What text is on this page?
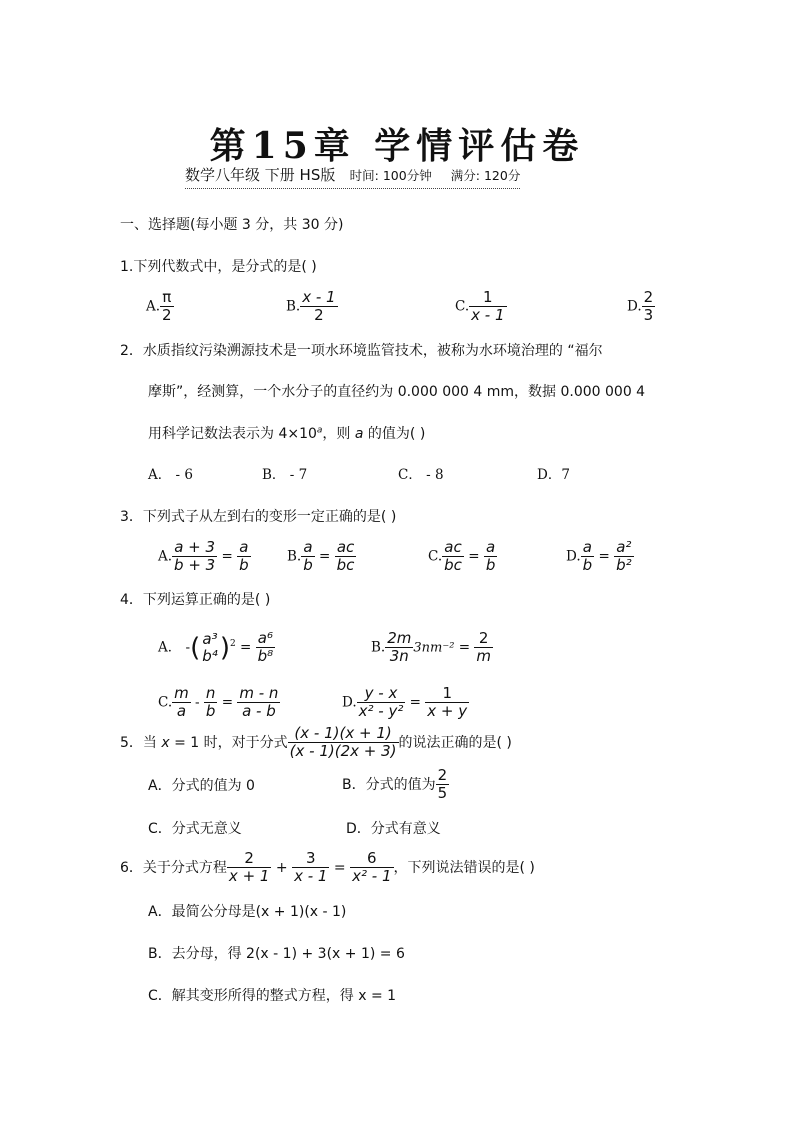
第15章 学情评估卷
数学八年级 下册 HS版 时间: 100分钟 满分: 120分
一、选择题(每小题 3 分，共 30 分)
1.下列代数式中，是分式的是( )
A. $\frac{\pi}{2}$	B. $\frac{x - 1}{2}$	C. $\frac{1}{x - 1}$	D. $\frac{2}{3}$
2．水质指纹污染溯源技术是一项水环境监管技术，被称为水环境治理的 “福尔
摩斯”，经测算，一个水分子的直径约为 0.000 000 4 mm，数据 0.000 000 4
用科学记数法表示为 $4\times 10^a$，则 a 的值为( )
A． - 6	B． - 7	C． - 8	D．7
3．下列式子从左到右的变形一定正确的是( )
A. $\frac{a + 3}{b + 3} = \frac{a}{b}$	B. $\frac{a}{b} = \frac{ac}{bc}$	C. $\frac{ac}{bc} = \frac{a}{b}$	D. $\frac{a}{b} = \frac{\text{a²}}{\text{b²}}$
4．下列运算正确的是( )
A． -( a³
b⁴ )$^2 = \frac{\text{a⁶}}{\text{b⁸}}$	B. $\frac{2m}{3n} 3nm^{-2} = \frac{2}{m}$
C. $\frac{m}{a} - \frac{n}{b} = \frac{m - n}{a - b}$	D. $\frac{y - x}{\text{x² - y²}} = \frac{1}{x + y}$
5．当 x = 1 时，对于分式 $\frac{(x - 1)(x + 1)}{(x - 1)(2x + 3)}$ 的说法正确的是( )
A．分式的值为 0	B．分式的值为 $\frac{2}{5}$
C．分式无意义	D．分式有意义
6．关于分式方程 $\frac{2}{x + 1} + \frac{3}{x - 1} = \frac{6}{\text{x² - 1}}$ ，下列说法错误的是( )
A．最简公分母是(x + 1)(x - 1)
B．去分母，得 2(x - 1) + 3(x + 1) = 6
C．解其变形所得的整式方程，得 x = 1
